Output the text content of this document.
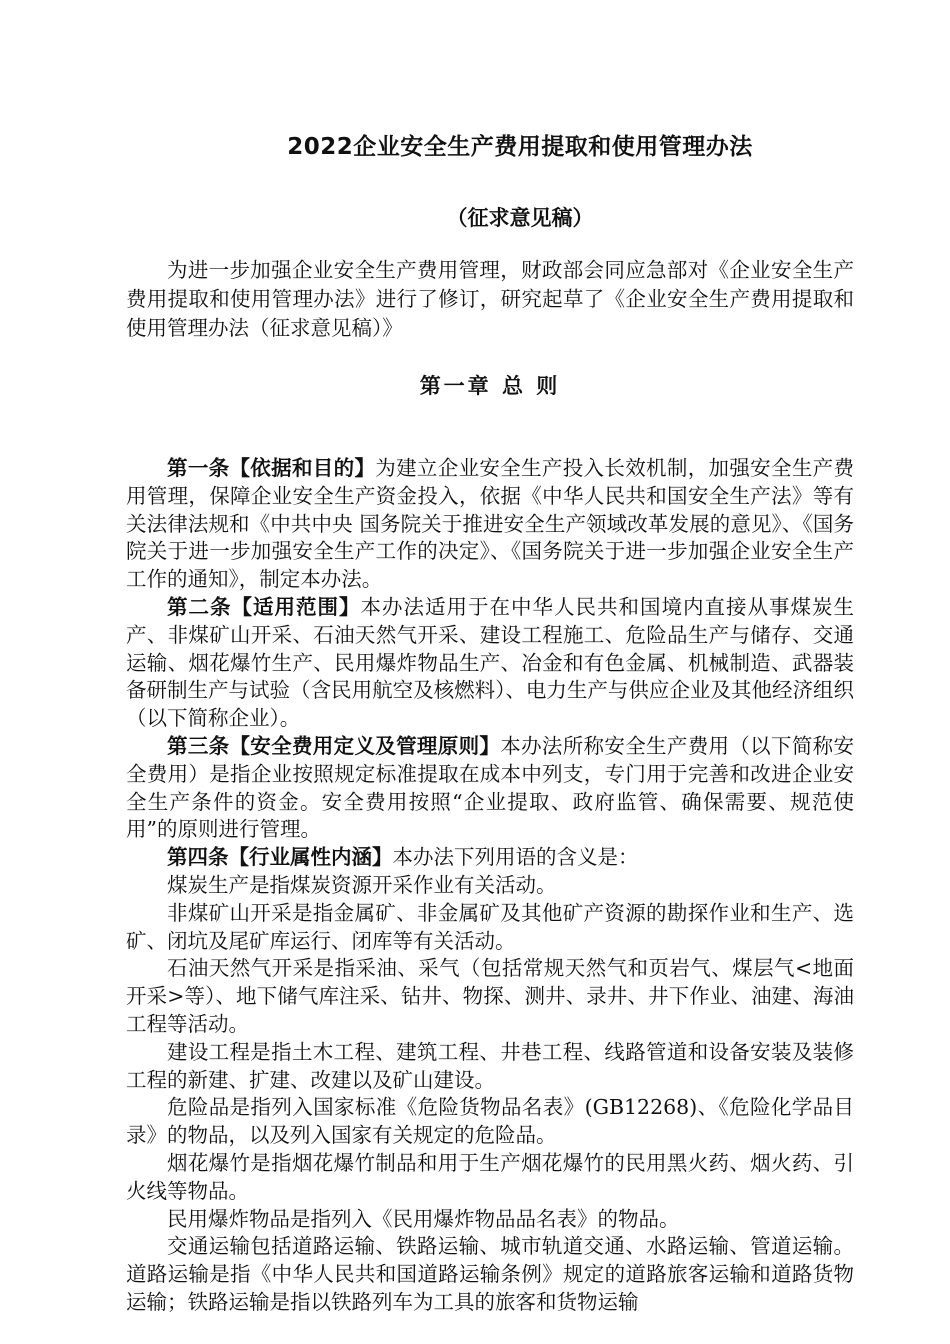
2022企业安全生产费用提取和使用管理办法
（征求意见稿）

为进一步加强企业安全生产费用管理，财政部会同应急部对《企业安全生产费用提取和使用管理办法》进行了修订，研究起草了《企业安全生产费用提取和使用管理办法（征求意见稿）》

第一章 总 则

第一条【依据和目的】为建立企业安全生产投入长效机制，加强安全生产费用管理，保障企业安全生产资金投入，依据《中华人民共和国安全生产法》等有关法律法规和《中共中央 国务院关于推进安全生产领域改革发展的意见》、《国务院关于进一步加强安全生产工作的决定》、《国务院关于进一步加强企业安全生产工作的通知》，制定本办法。

第二条【适用范围】本办法适用于在中华人民共和国境内直接从事煤炭生产、非煤矿山开采、石油天然气开采、建设工程施工、危险品生产与储存、交通运输、烟花爆竹生产、民用爆炸物品生产、冶金和有色金属、机械制造、武器装备研制生产与试验（含民用航空及核燃料）、电力生产与供应企业及其他经济组织（以下简称企业）。

第三条【安全费用定义及管理原则】本办法所称安全生产费用（以下简称安全费用）是指企业按照规定标准提取在成本中列支，专门用于完善和改进企业安全生产条件的资金。安全费用按照“企业提取、政府监管、确保需要、规范使用”的原则进行管理。

第四条【行业属性内涵】本办法下列用语的含义是：

煤炭生产是指煤炭资源开采作业有关活动。

非煤矿山开采是指金属矿、非金属矿及其他矿产资源的勘探作业和生产、选矿、闭坑及尾矿库运行、闭库等有关活动。

石油天然气开采是指采油、采气（包括常规天然气和页岩气、煤层气<地面开采>等）、地下储气库注采、钻井、物探、测井、录井、井下作业、油建、海油工程等活动。

建设工程是指土木工程、建筑工程、井巷工程、线路管道和设备安装及装修工程的新建、扩建、改建以及矿山建设。

危险品是指列入国家标准《危险货物品名表》(GB12268)、《危险化学品目录》的物品，以及列入国家有关规定的危险品。

烟花爆竹是指烟花爆竹制品和用于生产烟花爆竹的民用黑火药、烟火药、引火线等物品。

民用爆炸物品是指列入《民用爆炸物品品名表》的物品。

交通运输包括道路运输、铁路运输、城市轨道交通、水路运输、管道运输。道路运输是指《中华人民共和国道路运输条例》规定的道路旅客运输和道路货物运输；铁路运输是指以铁路列车为工具的旅客和货物运输
